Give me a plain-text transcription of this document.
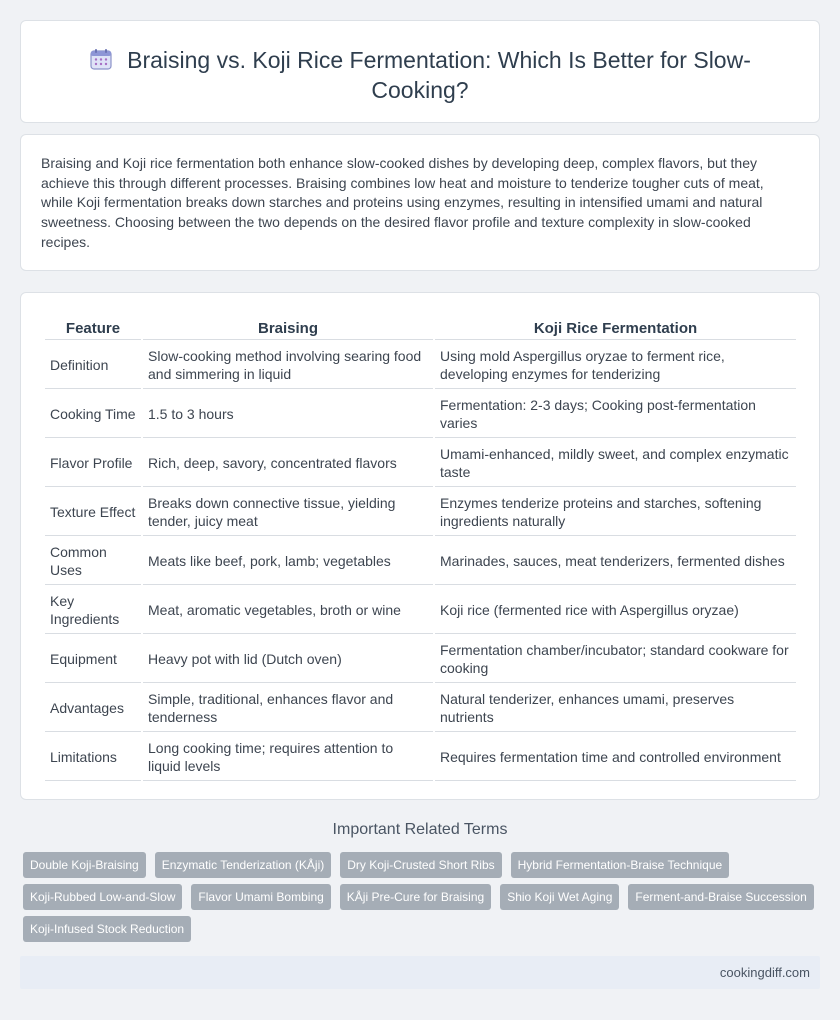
Braising vs. Koji Rice Fermentation: Which Is Better for Slow-Cooking?

Braising and Koji rice fermentation both enhance slow-cooked dishes by developing deep, complex flavors, but they achieve this through different processes. Braising combines low heat and moisture to tenderize tougher cuts of meat, while Koji fermentation breaks down starches and proteins using enzymes, resulting in intensified umami and natural sweetness. Choosing between the two depends on the desired flavor profile and texture complexity in slow-cooked recipes.

Feature	Braising	Koji Rice Fermentation
Definition	Slow-cooking method involving searing food and simmering in liquid	Using mold Aspergillus oryzae to ferment rice, developing enzymes for tenderizing
Cooking Time	1.5 to 3 hours	Fermentation: 2-3 days; Cooking post-fermentation varies
Flavor Profile	Rich, deep, savory, concentrated flavors	Umami-enhanced, mildly sweet, and complex enzymatic taste
Texture Effect	Breaks down connective tissue, yielding tender, juicy meat	Enzymes tenderize proteins and starches, softening ingredients naturally
Common Uses	Meats like beef, pork, lamb; vegetables	Marinades, sauces, meat tenderizers, fermented dishes
Key Ingredients	Meat, aromatic vegetables, broth or wine	Koji rice (fermented rice with Aspergillus oryzae)
Equipment	Heavy pot with lid (Dutch oven)	Fermentation chamber/incubator; standard cookware for cooking
Advantages	Simple, traditional, enhances flavor and tenderness	Natural tenderizer, enhances umami, preserves nutrients
Limitations	Long cooking time; requires attention to liquid levels	Requires fermentation time and controlled environment
Important Related Terms
Double Koji-Braising	Enzymatic Tenderization (KÅji)	Dry Koji-Crusted Short Ribs	Hybrid Fermentation-Braise Technique
Koji-Rubbed Low-and-Slow	Flavor Umami Bombing	KÅji Pre-Cure for Braising	Shio Koji Wet Aging	Ferment-and-Braise Succession
Koji-Infused Stock Reduction
cookingdiff.com
